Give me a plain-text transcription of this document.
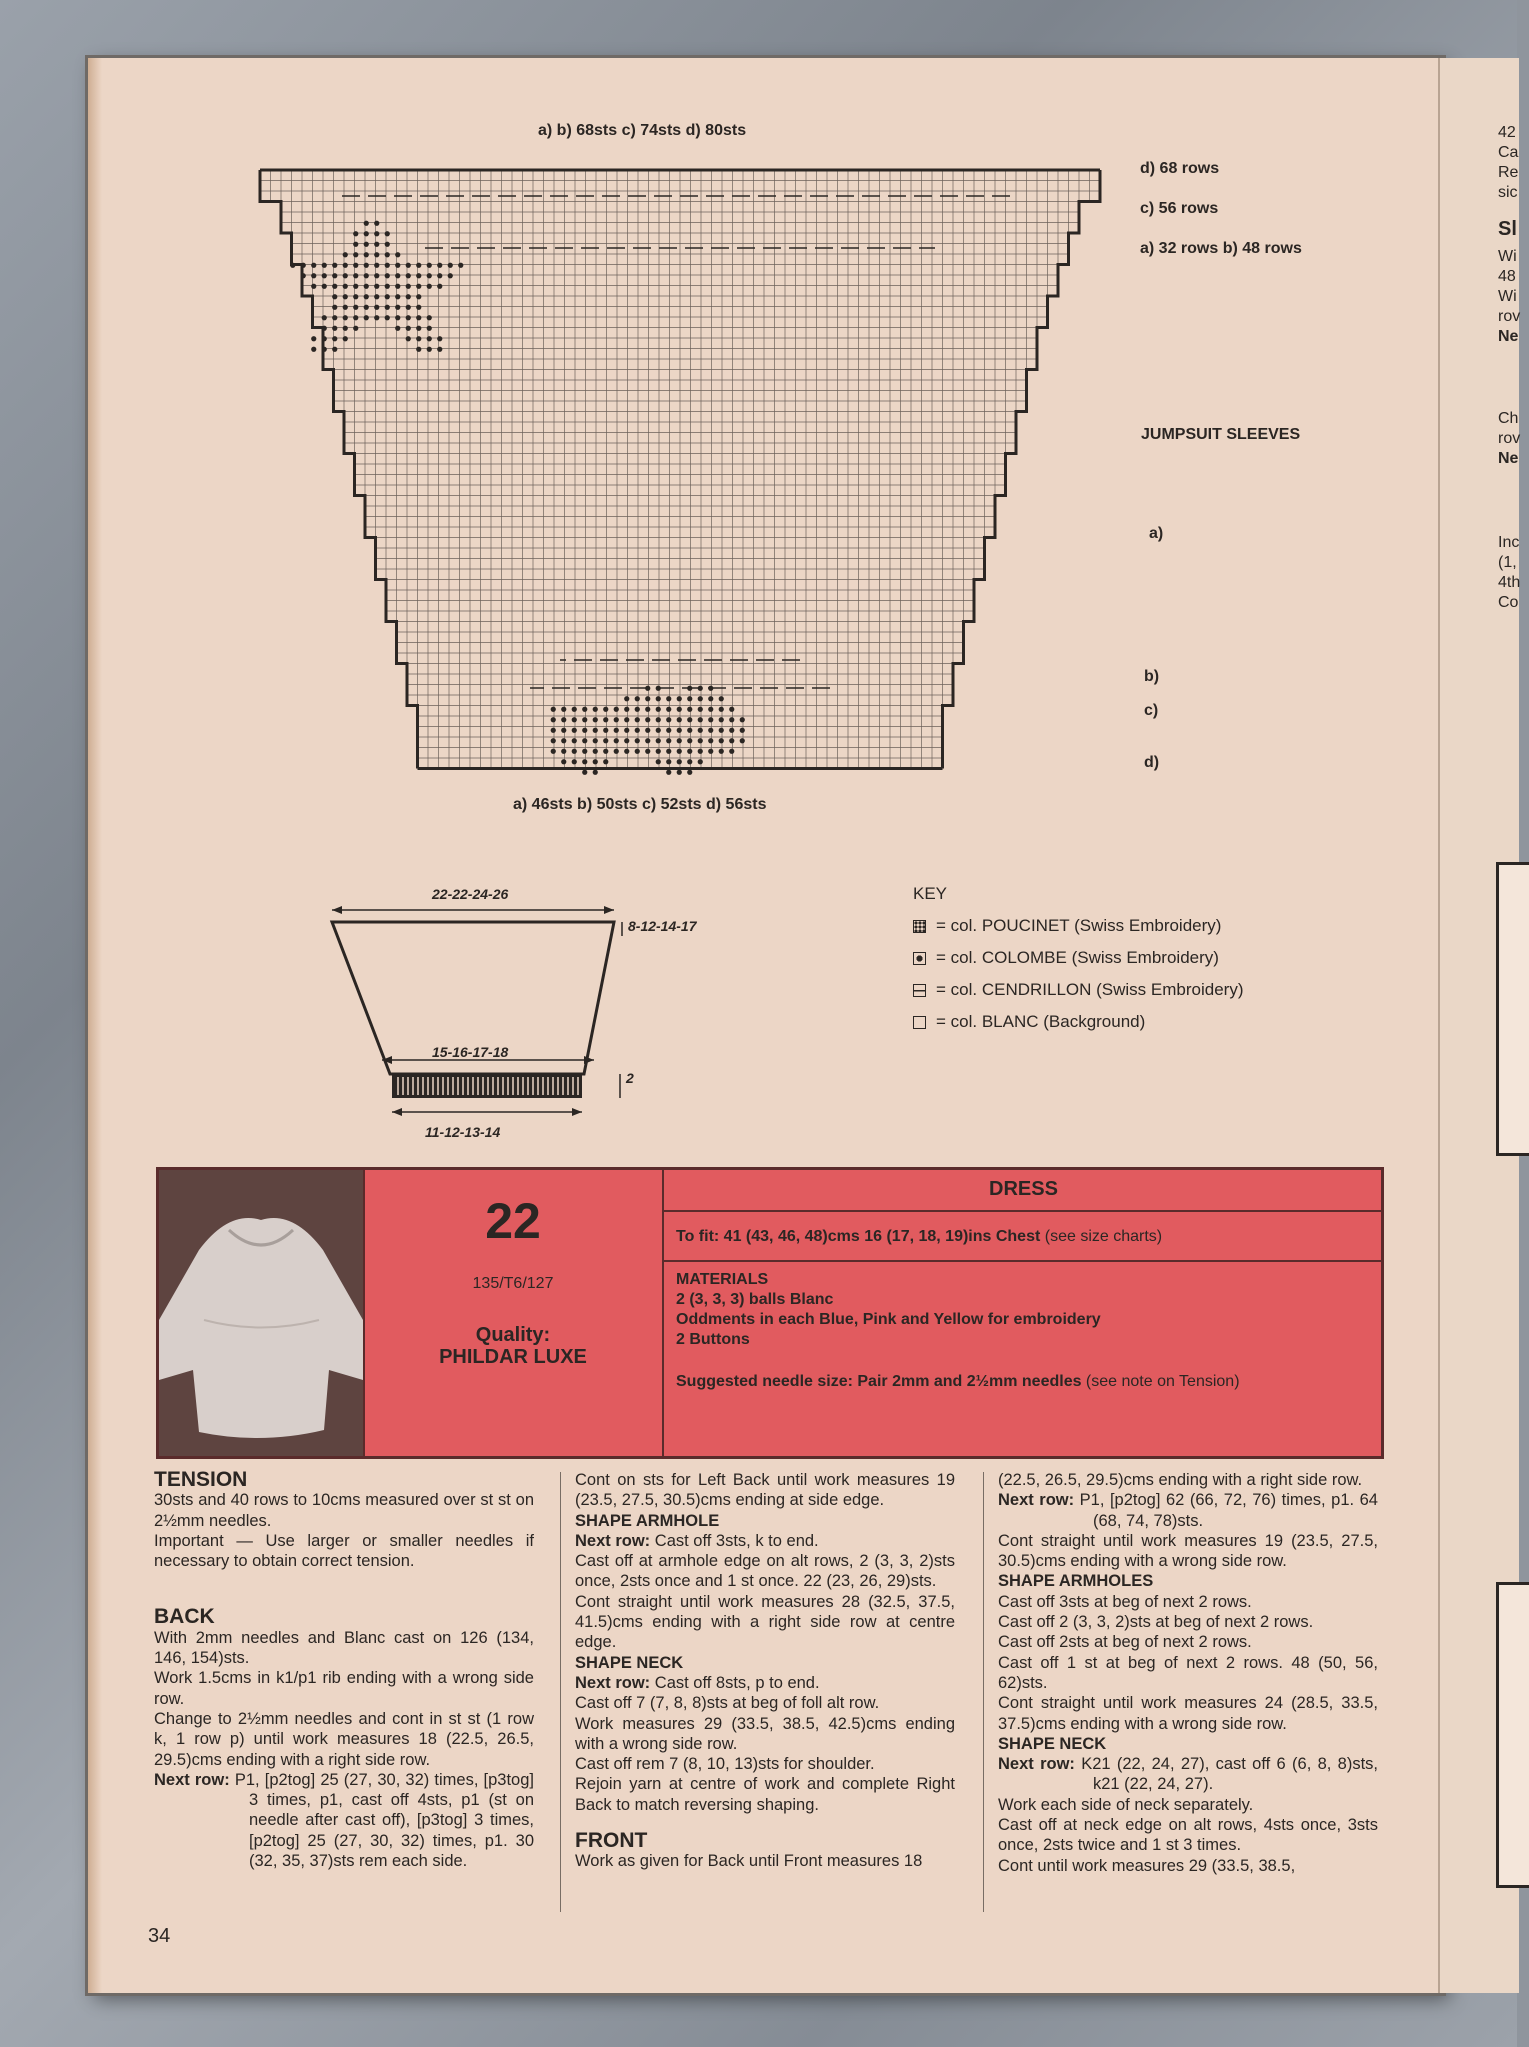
a) b) 68sts c) 74sts d) 80sts
a) 46sts b) 50sts c) 52sts d) 56sts
d) 68 rows
c) 56 rows
a) 32 rows b) 48 rows
JUMPSUIT SLEEVES
a)
b)
c)
d)
22-22-24-26
8-12-14-17
15-16-17-18
2
11-12-13-14
KEY
= col. POUCINET (Swiss Embroidery)
= col. COLOMBE (Swiss Embroidery)
= col. CENDRILLON (Swiss Embroidery)
= col. BLANC (Background)
22
135/T6/127
Quality:
PHILDAR LUXE
DRESS
To fit: 41 (43, 46, 48)cms 16 (17, 18, 19)ins Chest (see size charts)
MATERIALS
2 (3, 3, 3) balls Blanc
Oddments in each Blue, Pink and Yellow for embroidery
2 Buttons
Suggested needle size: Pair 2mm and 2½mm needles (see note on Tension)
TENSION

30sts and 40 rows to 10cms measured over st st on 2½mm needles.

Important — Use larger or smaller needles if necessary to obtain correct tension.

BACK

With 2mm needles and Blanc cast on 126 (134, 146, 154)sts.

Work 1.5cms in k1/p1 rib ending with a wrong side row.

Change to 2½mm needles and cont in st st (1 row k, 1 row p) until work measures 18 (22.5, 26.5, 29.5)cms ending with a right side row.

Next row: P1, [p2tog] 25 (27, 30, 32) times, [p3tog] 3 times, p1, cast off 4sts, p1 (st on needle after cast off), [p3tog] 3 times, [p2tog] 25 (27, 30, 32) times, p1. 30 (32, 35, 37)sts rem each side.

Cont on sts for Left Back until work measures 19 (23.5, 27.5, 30.5)cms ending at side edge.

SHAPE ARMHOLE

Next row: Cast off 3sts, k to end.

Cast off at armhole edge on alt rows, 2 (3, 3, 2)sts once, 2sts once and 1 st once. 22 (23, 26, 29)sts.

Cont straight until work measures 28 (32.5, 37.5, 41.5)cms ending with a right side row at centre edge.

SHAPE NECK

Next row: Cast off 8sts, p to end.

Cast off 7 (7, 8, 8)sts at beg of foll alt row.

Work measures 29 (33.5, 38.5, 42.5)cms ending with a wrong side row.

Cast off rem 7 (8, 10, 13)sts for shoulder.

Rejoin yarn at centre of work and complete Right Back to match reversing shaping.

FRONT

Work as given for Back until Front measures 18

(22.5, 26.5, 29.5)cms ending with a right side row.

Next row: P1, [p2tog] 62 (66, 72, 76) times, p1. 64 (68, 74, 78)sts.

Cont straight until work measures 19 (23.5, 27.5, 30.5)cms ending with a wrong side row.

SHAPE ARMHOLES

Cast off 3sts at beg of next 2 rows.

Cast off 2 (3, 3, 2)sts at beg of next 2 rows.

Cast off 2sts at beg of next 2 rows.

Cast off 1 st at beg of next 2 rows. 48 (50, 56, 62)sts.

Cont straight until work measures 24 (28.5, 33.5, 37.5)cms ending with a wrong side row.

SHAPE NECK

Next row: K21 (22, 24, 27), cast off 6 (6, 8, 8)sts, k21 (22, 24, 27).

Work each side of neck separately.

Cast off at neck edge on alt rows, 4sts once, 3sts once, 2sts twice and 1 st 3 times.

Cont until work measures 29 (33.5, 38.5,

34
42
Ca
Re
sic
Sl
Wi
48
Wi
rov
Ne
Ch
rov
Ne
Inc
(1,
4th
Co
